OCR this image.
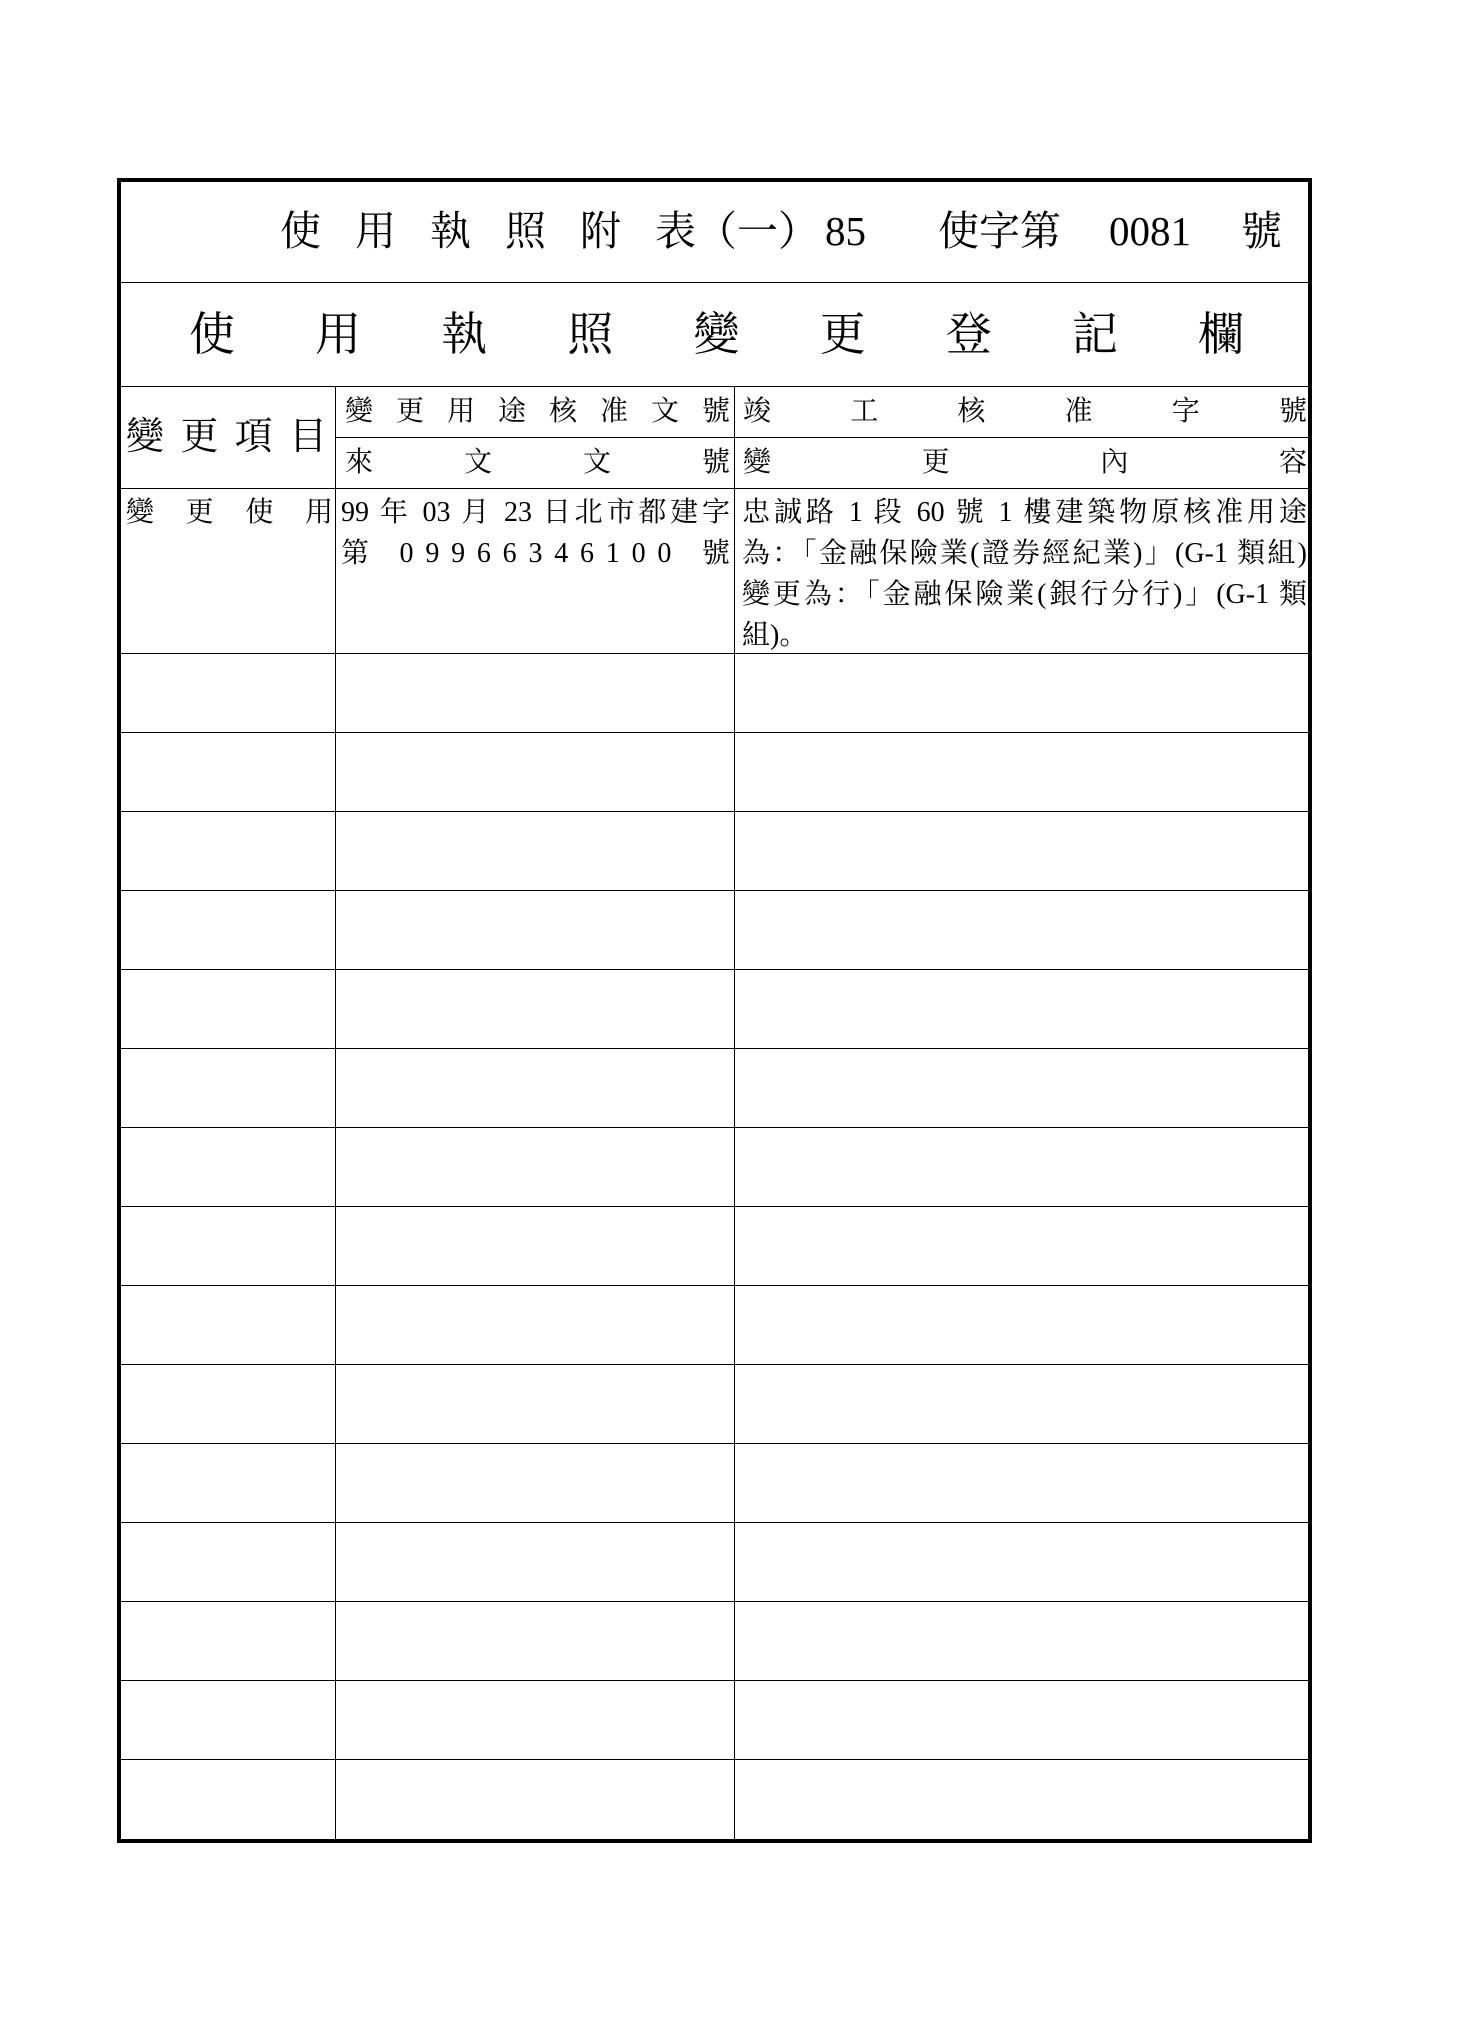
使用執照附表
（一） 85 使字第 0081 號
使用執照變更登記欄
變更項目
變更用途核准文號
竣工核准字號
來文文號
變更內容
變更使用
99 年 03 月 23 日北市都建字
第 09966346100 號
忠誠路 1 段 60 號 1 樓建築物原核准用途
為：「金融保險業(證券經紀業)」(G-1 類組)
變更為：「金融保險業(銀行分行)」(G-1 類
組)。
